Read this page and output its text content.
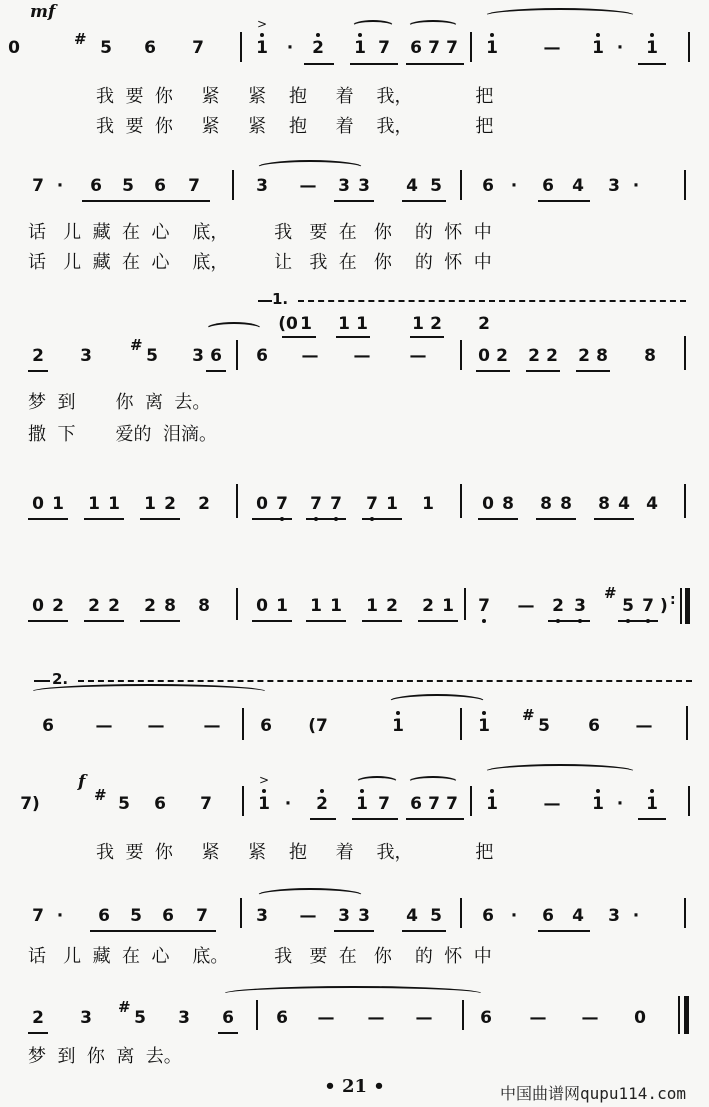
mf
0	# 5	6	7
>
1	·	2	1 7	6 7 7	1	—	1 ·	1
我  要  你     紧     紧    抱     着    我，           把
我  要  你     紧     紧    抱     着    我，           把
7 ·	6	5	6	7	3	—	3 3	4 5	6 ·	6	4	3 ·
话   儿  藏  在  心    底，        我   要  在   你    的  怀  中
话   儿  藏  在  心    底，        让   我  在   你    的  怀  中
1.
(0 1	1 1	1 2	2
2	3
#
5	3 6	6	— — —	0 2	2 2	2 8	8
梦  到       你  离  去。
撒  下       爱的  泪滴。
0 1	1 1	1 2	2	0 7	7 7	7 1	1	0 8	8 8	8 4 4
0 2	2 2	2 8	8	0 1	1 1	1 2	2 1	7	—	2 3
#
5 7 ) :
2.
6	— — —	6	(7	1	1
#
5	6	—
f
7)	# 5	6	7
>
1 ·	2	1 7	6 7 7	1	—	1 ·	1
我  要  你     紧     紧    抱     着    我，           把
7 ·	6	5	6	7	3	—	3 3	4 5	6 ·	6	4	3 ·
话   儿  藏  在  心    底。        我   要  在   你    的  怀  中
2	3
#
5	3	6	6	— — —	6	— —	0
梦  到  你  离  去。
• 21 •	中国曲谱网qupu114.com
